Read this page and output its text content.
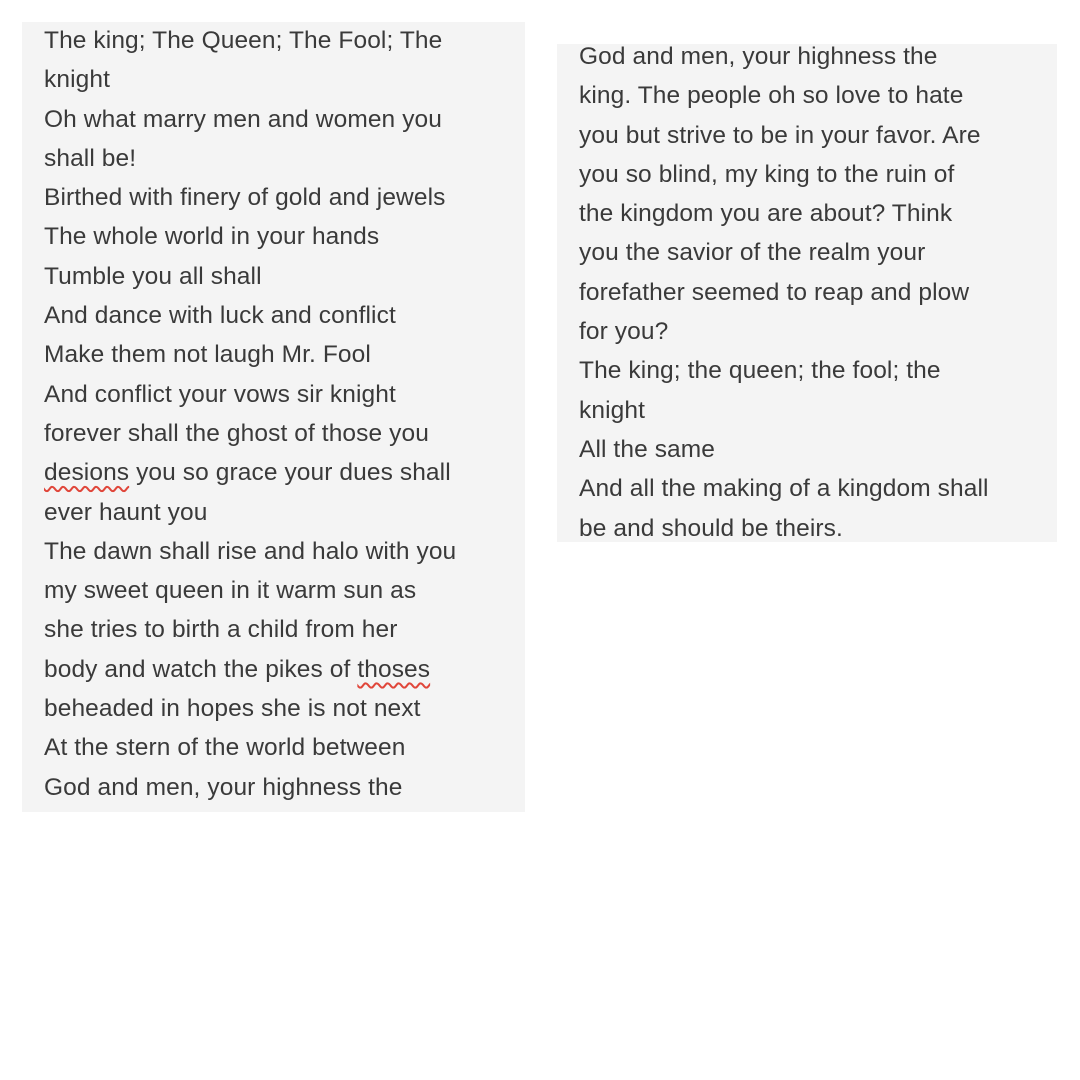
The king; The Queen; The Fool; The
knight
Oh what marry men and women you
shall be!
Birthed with finery of gold and jewels
The whole world in your hands
Tumble you all shall
And dance with luck and conflict
Make them not laugh Mr. Fool
And conflict your vows sir knight
forever shall the ghost of those you
desions you so grace your dues shall
ever haunt you
The dawn shall rise and halo with you
my sweet queen in it warm sun as
she tries to birth a child from her
body and watch the pikes of thoses
beheaded in hopes she is not next
At the stern of the world between
God and men, your highness the
God and men, your highness the
king. The people oh so love to hate
you but strive to be in your favor. Are
you so blind, my king to the ruin of
the kingdom you are about? Think
you the savior of the realm your
forefather seemed to reap and plow
for you?
The king; the queen; the fool; the
knight
All the same
And all the making of a kingdom shall
be and should be theirs.
